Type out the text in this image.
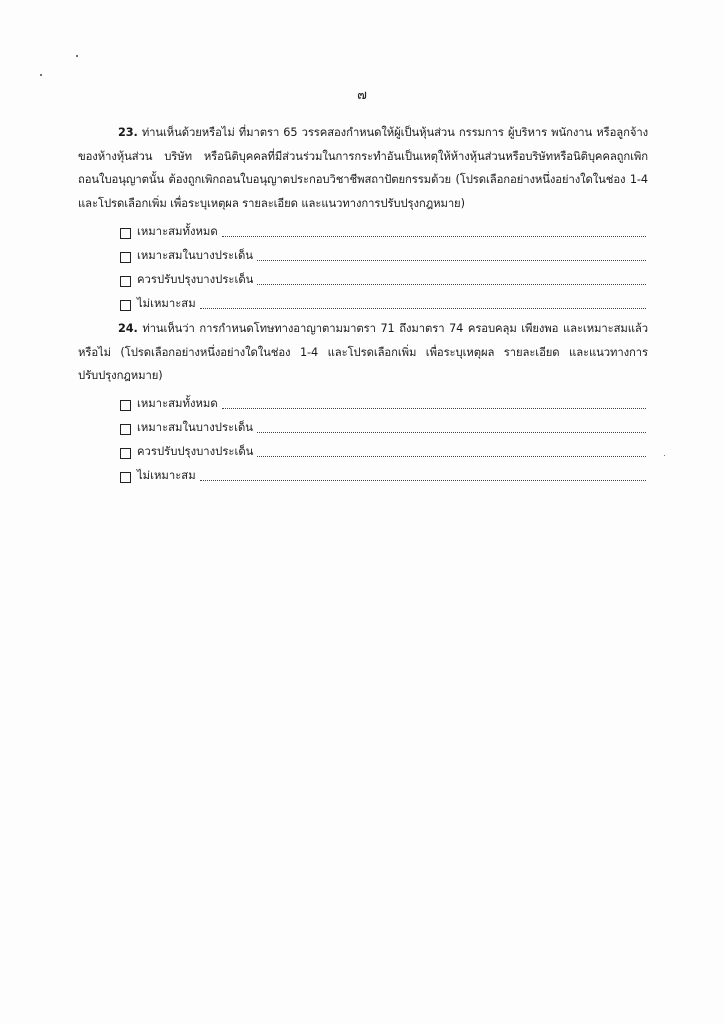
๗
23. ท่านเห็นด้วยหรือไม่ ที่มาตรา 65 วรรคสองกำหนดให้ผู้เป็นหุ้นส่วน กรรมการ ผู้บริหาร พนักงาน หรือลูกจ้าง ของห้างหุ้นส่วน บริษัท หรือนิติบุคคลที่มีส่วนร่วมในการกระทำอันเป็นเหตุให้ห้างหุ้นส่วนหรือบริษัทหรือนิติบุคคลถูกเพิกถอนใบอนุญาตนั้น ต้องถูกเพิกถอนใบอนุญาตประกอบวิชาชีพสถาปัตยกรรมด้วย (โปรดเลือกอย่างหนึ่งอย่างใดในช่อง 1-4 และโปรดเลือกเพิ่ม เพื่อระบุเหตุผล รายละเอียด และแนวทางการปรับปรุงกฎหมาย)
เหมาะสมทั้งหมด
เหมาะสมในบางประเด็น
ควรปรับปรุงบางประเด็น
ไม่เหมาะสม
24. ท่านเห็นว่า การกำหนดโทษทางอาญาตามมาตรา 71 ถึงมาตรา 74 ครอบคลุม เพียงพอ และเหมาะสมแล้ว หรือไม่ (โปรดเลือกอย่างหนึ่งอย่างใดในช่อง 1-4 และโปรดเลือกเพิ่ม เพื่อระบุเหตุผล รายละเอียด และแนวทางการปรับปรุงกฎหมาย)
เหมาะสมทั้งหมด
เหมาะสมในบางประเด็น
ควรปรับปรุงบางประเด็น
ไม่เหมาะสม
